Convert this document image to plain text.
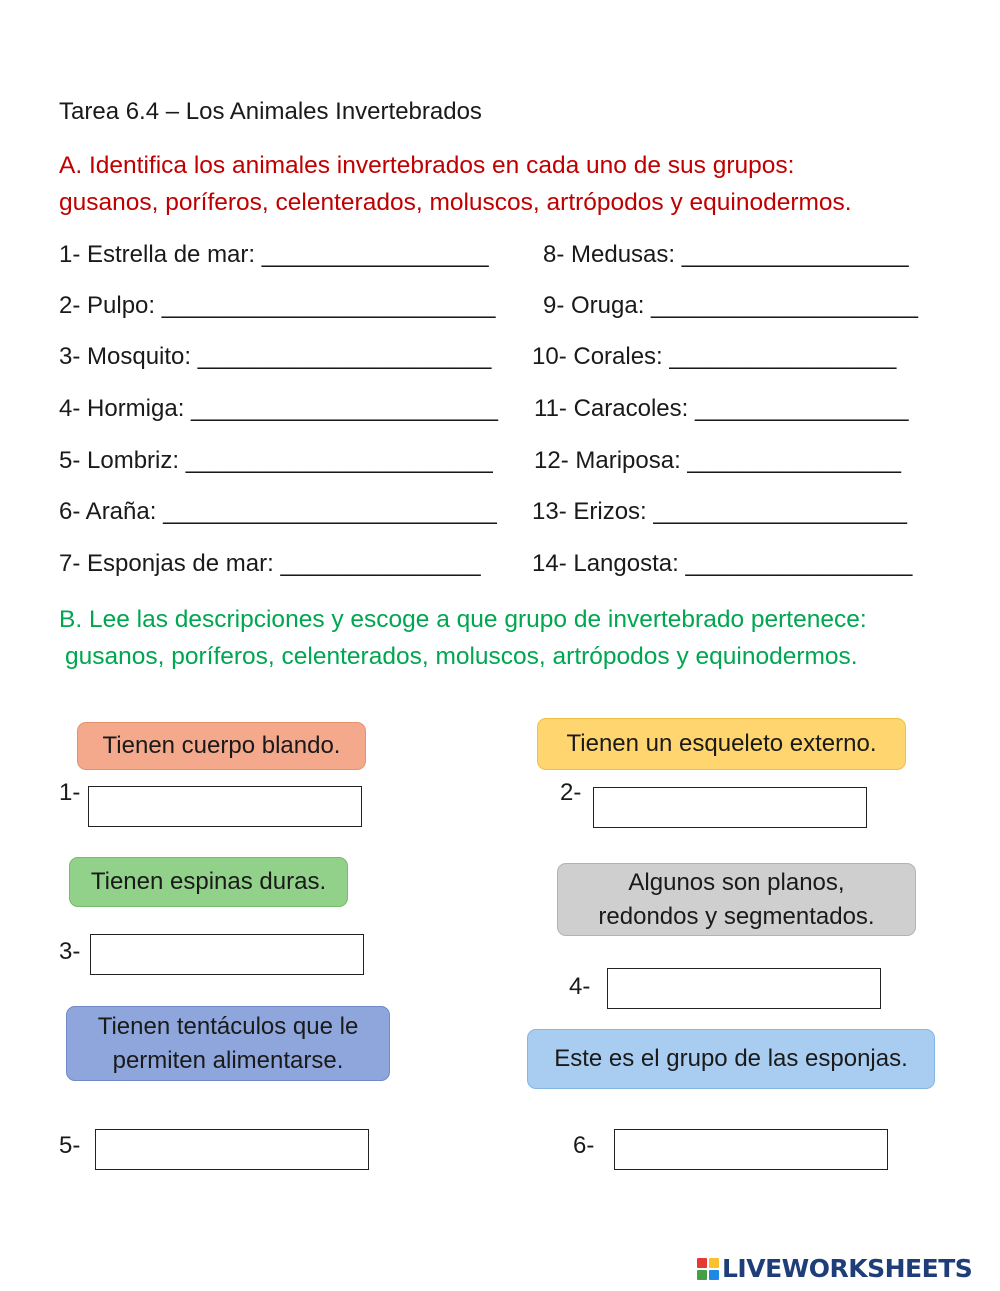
Tarea 6.4 – Los Animales Invertebrados
A. Identifica los animales invertebrados en cada uno de sus grupos:
gusanos, poríferos, celenterados, moluscos, artrópodos y equinodermos.
1- Estrella de mar: _________________
2- Pulpo: _________________________
3- Mosquito: ______________________
4- Hormiga: _______________________
5- Lombriz: _______________________
6- Araña: _________________________
7- Esponjas de mar: _______________
8- Medusas: _________________
9- Oruga: ____________________
10- Corales: _________________
11- Caracoles: ________________
12- Mariposa: ________________
13- Erizos: ___________________
14- Langosta: _________________
B. Lee las descripciones y escoge a que grupo de invertebrado pertenece:
gusanos, poríferos, celenterados, moluscos, artrópodos y equinodermos.
Tienen cuerpo blando.	Tienen un esqueleto externo.
Tienen espinas duras.	Algunos son planos,
redondos y segmentados.
Tienen tentáculos que le
permiten alimentarse.	Este es el grupo de las esponjas.
1-	2-
3-
4-
5-	6-
LIVEWORKSHEETS
